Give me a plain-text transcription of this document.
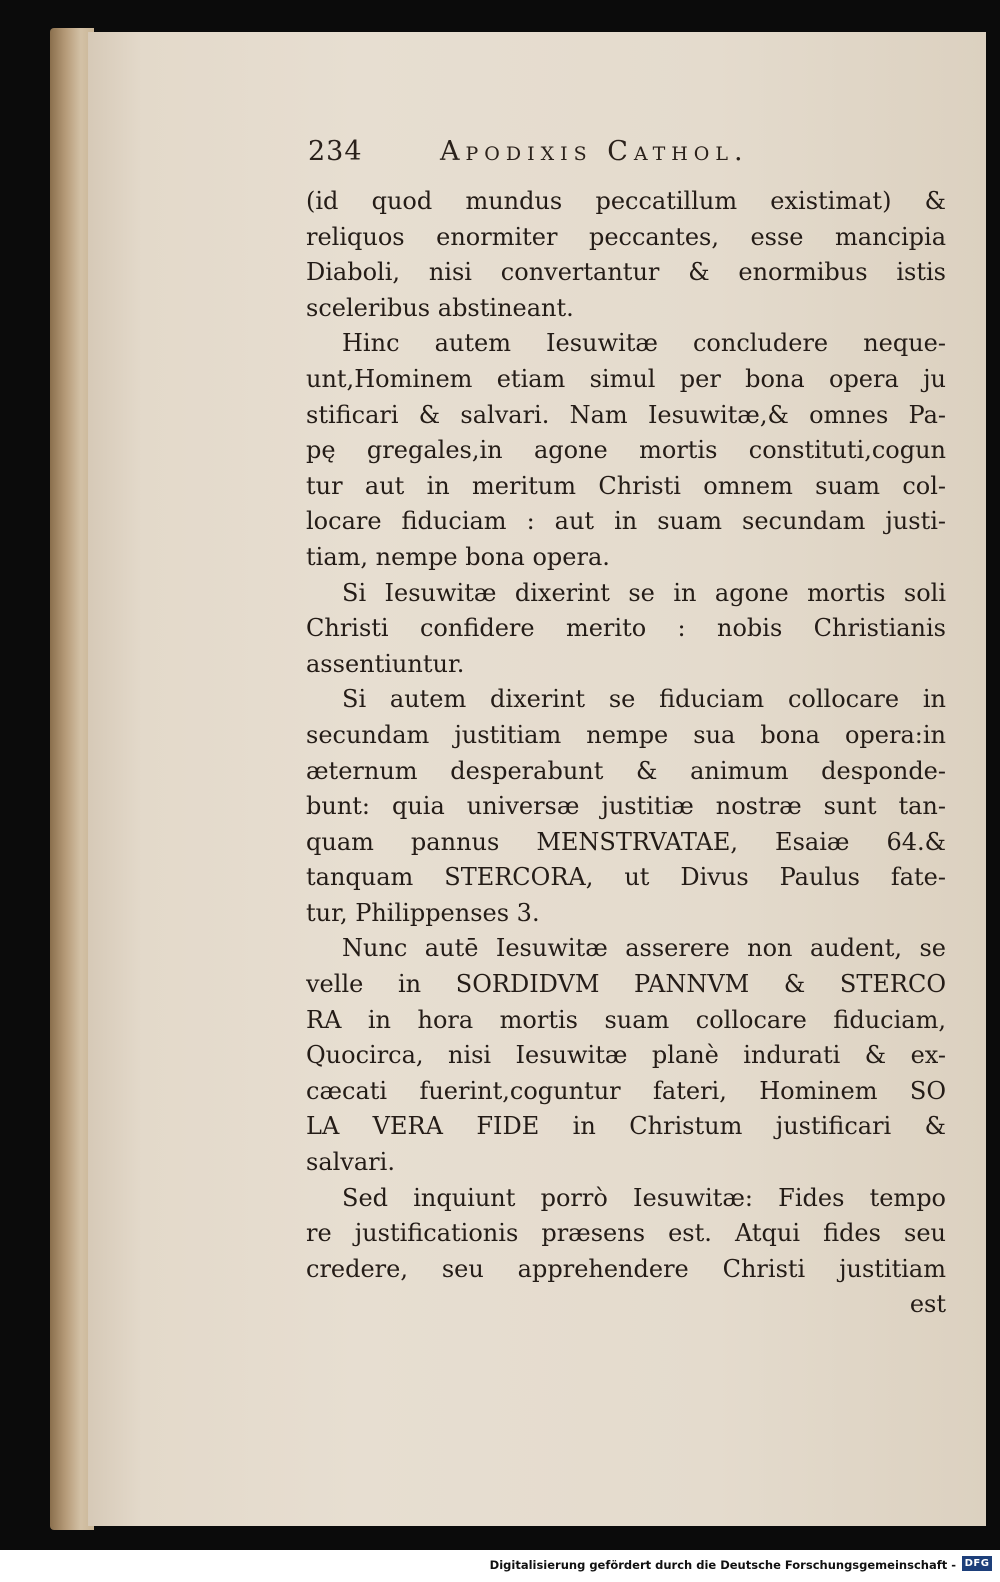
234	Apodixis Cathol.
(id quod mundus peccatillum existimat) &
reliquos enormiter peccantes, esse mancipia
Diaboli, nisi convertantur & enormibus istis
sceleribus abstineant.
Hinc autem Iesuwitæ concludere neque-
unt,Hominem etiam simul per bona opera ju
stificari & salvari. Nam Iesuwitæ,& omnes Pa-
pę gregales,in agone mortis constituti,cogun
tur aut in meritum Christi omnem suam col-
locare fiduciam : aut in suam secundam justi-
tiam, nempe bona opera.
Si Iesuwitæ dixerint se in agone mortis soli
Christi confidere merito : nobis Christianis
assentiuntur.
Si autem dixerint se fiduciam collocare in
secundam justitiam nempe sua bona opera:in
æternum desperabunt & animum despondе-
bunt: quia universæ justitiæ nostræ sunt tan-
quam pannus MENSTRVATAE, Esaiæ 64.&
tanquam STERCORA, ut Divus Paulus fate-
tur, Philippenses 3.
Nunc autē Iesuwitæ asserere non audent, se
velle in SORDIDVM PANNVM & STERCO
RA in hora mortis suam collocare fiduciam,
Quocirca, nisi Iesuwitæ planè indurati & ex-
cæcati fuerint,coguntur fateri, Hominem SO
LA VERA FIDE in Christum justificari &
salvari.
Sed inquiunt porrò Iesuwitæ: Fides tempo
re justificationis præsens est. Atqui fides seu
credere, seu apprehendere Christi justitiam
est
Digitalisierung gefördert durch die Deutsche Forschungsgemeinschaft - DFG
